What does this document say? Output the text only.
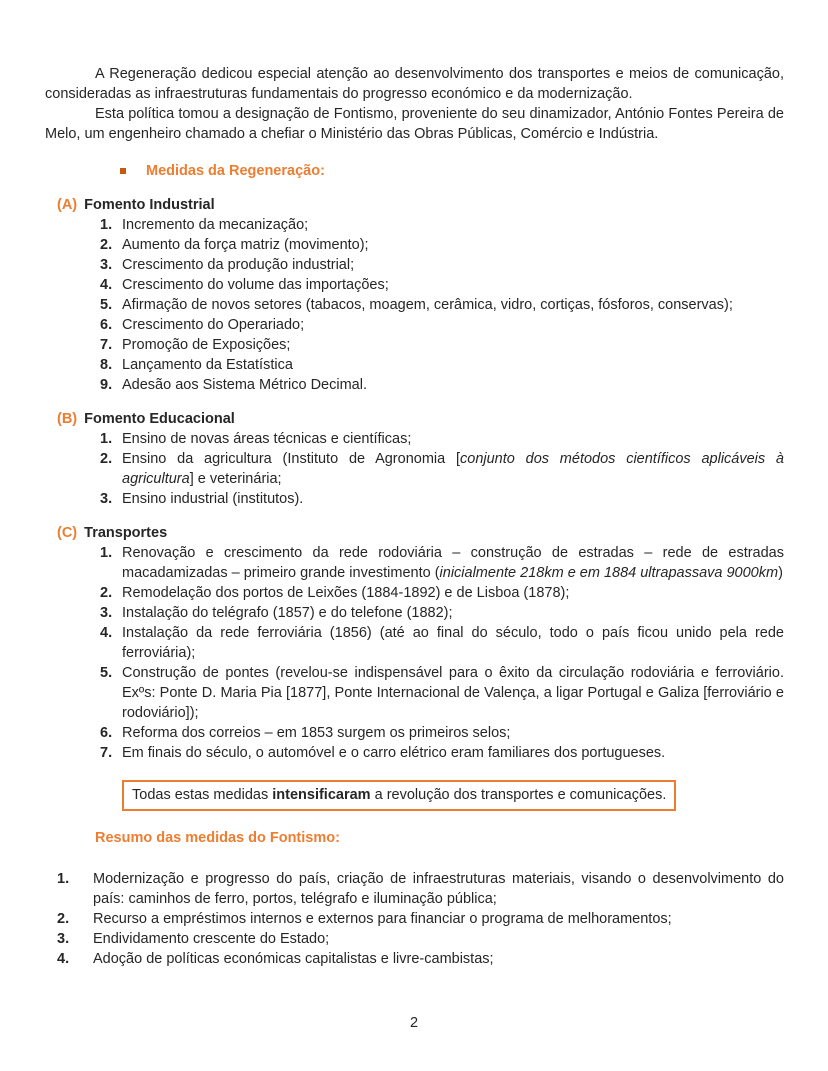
A Regeneração dedicou especial atenção ao desenvolvimento dos transportes e meios de comunicação, consideradas as infraestruturas fundamentais do progresso económico e da modernização.

Esta política tomou a designação de Fontismo, proveniente do seu dinamizador, António Fontes Pereira de Melo, um engenheiro chamado a chefiar o Ministério das Obras Públicas, Comércio e Indústria.

Medidas da Regeneração:
(A) Fomento Industrial
1. Incremento da mecanização;
2. Aumento da força matriz (movimento);
3. Crescimento da produção industrial;
4. Crescimento do volume das importações;
5. Afirmação de novos setores (tabacos, moagem, cerâmica, vidro, cortiças, fósforos, conservas);
6. Crescimento do Operariado;
7. Promoção de Exposições;
8. Lançamento da Estatística
9. Adesão aos Sistema Métrico Decimal.
(B) Fomento Educacional
1. Ensino de novas áreas técnicas e científicas;
2. Ensino da agricultura (Instituto de Agronomia [conjunto dos métodos científicos aplicáveis à agricultura] e veterinária;
3. Ensino industrial (institutos).
(C) Transportes
1. Renovação e crescimento da rede rodoviária – construção de estradas – rede de estradas macadamizadas – primeiro grande investimento (inicialmente 218km e em 1884 ultrapassava 9000km)
2. Remodelação dos portos de Leixões (1884-1892) e de Lisboa (1878);
3. Instalação do telégrafo (1857) e do telefone (1882);
4. Instalação da rede ferroviária (1856) (até ao final do século, todo o país ficou unido pela rede ferroviária);
5. Construção de pontes (revelou-se indispensável para o êxito da circulação rodoviária e ferroviário. Exºs: Ponte D. Maria Pia [1877], Ponte Internacional de Valença, a ligar Portugal e Galiza [ferroviário e rodoviário]);
6. Reforma dos correios – em 1853 surgem os primeiros selos;
7. Em finais do século, o automóvel e o carro elétrico eram familiares dos portugueses.
Todas estas medidas intensificaram a revolução dos transportes e comunicações.
Resumo das medidas do Fontismo:
1. Modernização e progresso do país, criação de infraestruturas materiais, visando o desenvolvimento do país: caminhos de ferro, portos, telégrafo e iluminação pública;
2. Recurso a empréstimos internos e externos para financiar o programa de melhoramentos;
3. Endividamento crescente do Estado;
4. Adoção de políticas económicas capitalistas e livre-cambistas;
2
